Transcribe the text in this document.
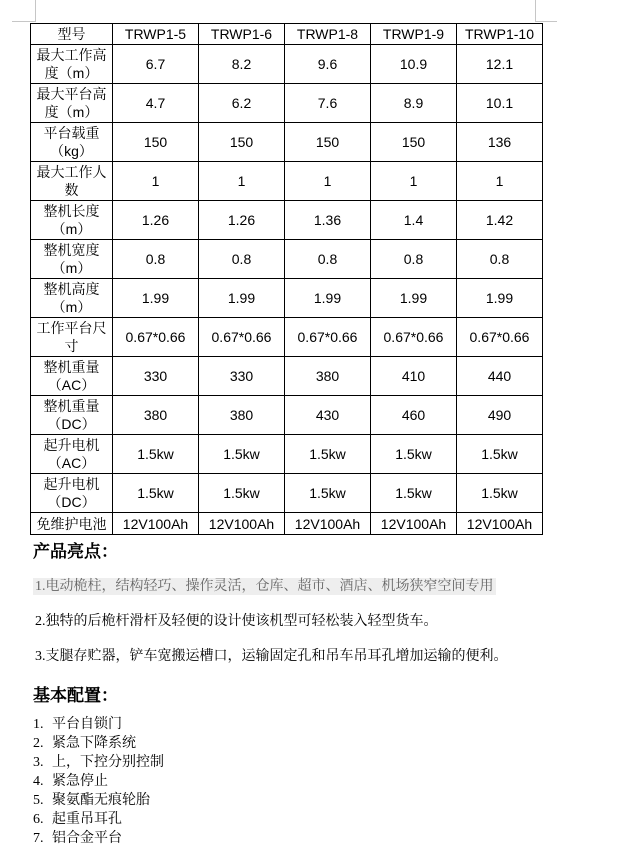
型号	TRWP1-5	TRWP1-6	TRWP1-8	TRWP1-9	TRWP1-10
最大工作高度（m）	6.7	8.2	9.6	10.9	12.1
最大平台高度（m）	4.7	6.2	7.6	8.9	10.1
平台载重（kg）	150	150	150	150	136
最大工作人数	1	1	1	1	1
整机长度（m）	1.26	1.26	1.36	1.4	1.42
整机宽度（m）	0.8	0.8	0.8	0.8	0.8
整机高度（m）	1.99	1.99	1.99	1.99	1.99
工作平台尺寸	0.67*0.66	0.67*0.66	0.67*0.66	0.67*0.66	0.67*0.66
整机重量（AC）	330	330	380	410	440
整机重量（DC）	380	380	430	460	490
起升电机（AC）	1.5kw	1.5kw	1.5kw	1.5kw	1.5kw
起升电机（DC）	1.5kw	1.5kw	1.5kw	1.5kw	1.5kw
免维护电池	12V100Ah	12V100Ah	12V100Ah	12V100Ah	12V100Ah
产品亮点：

1.电动桅柱，结构轻巧、操作灵活，仓库、超市、酒店、机场狭窄空间专用

2.独特的后桅杆滑杆及轻便的设计使该机型可轻松装入轻型货车。

3.支腿存贮器，铲车宽搬运槽口，运输固定孔和吊车吊耳孔增加运输的便利。

基本配置：

1. 平台自锁门

2. 紧急下降系统

3. 上，下控分别控制

4. 紧急停止

5. 聚氨酯无痕轮胎

6. 起重吊耳孔

7. 铝合金平台
